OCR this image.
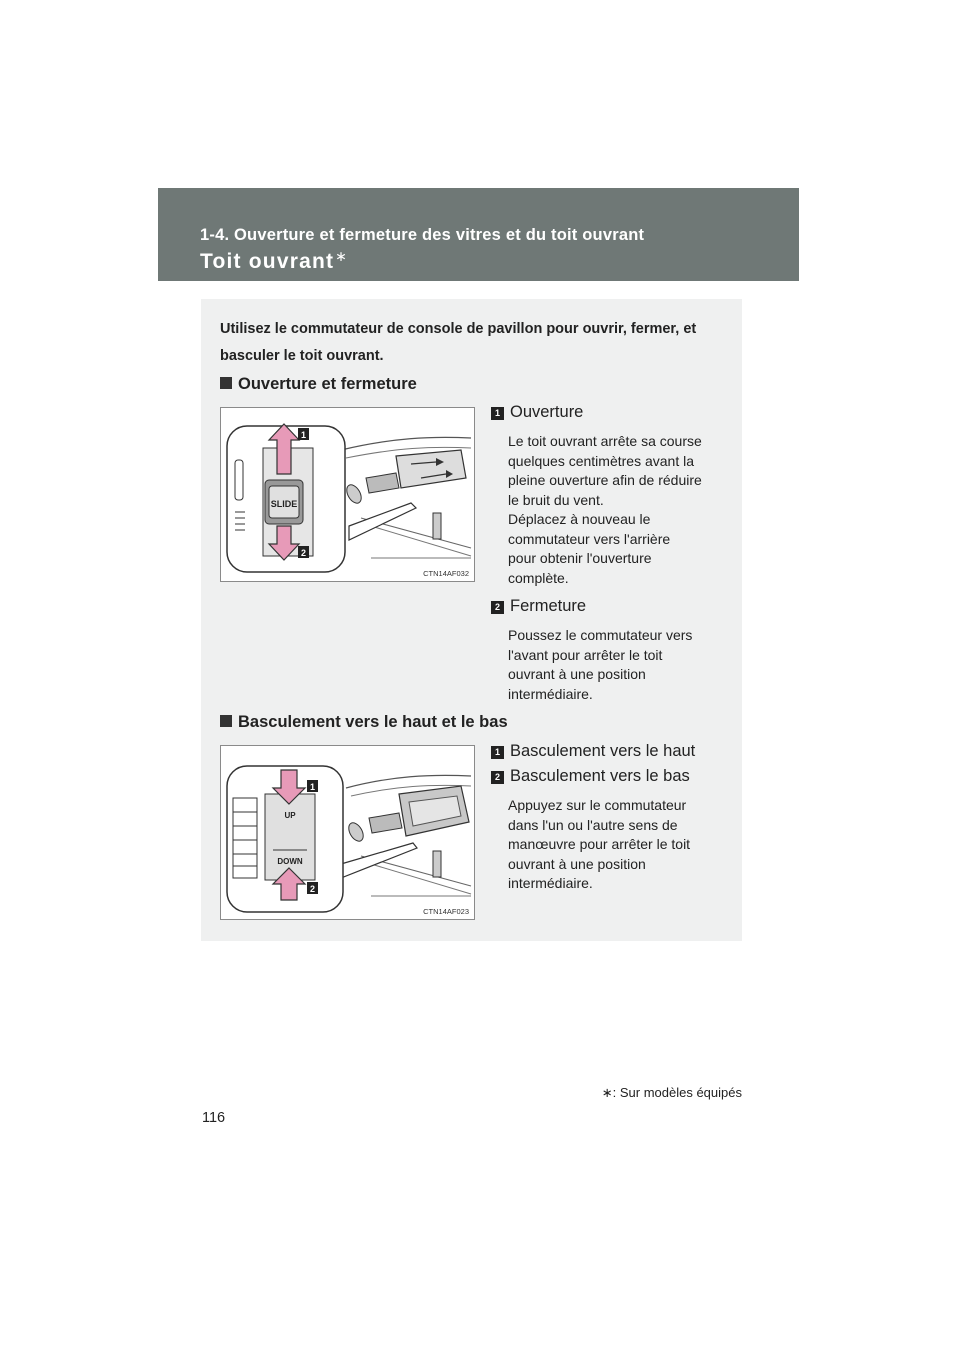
1-4. Ouverture et fermeture des vitres et du toit ouvrant
Toit ouvrant∗
Utilisez le commutateur de console de pavillon pour ouvrir, fermer, et basculer le toit ouvrant.
Ouverture et fermeture
SLIDE
1
2
CTN14AF032
1 Ouverture
Le toit ouvrant arrête sa course
quelques centimètres avant la
pleine ouverture afin de réduire
le bruit du vent.
Déplacez à nouveau le
commutateur vers l'arrière
pour obtenir l'ouverture
complète.
2 Fermeture
Poussez le commutateur vers
l'avant pour arrêter le toit
ouvrant à une position
intermédiaire.
Basculement vers le haut et le bas
UP
DOWN
1
2
CTN14AF023
1 Basculement vers le haut
2 Basculement vers le bas
Appuyez sur le commutateur
dans l'un ou l'autre sens de
manœuvre pour arrêter le toit
ouvrant à une position
intermédiaire.
∗: Sur modèles équipés
116
